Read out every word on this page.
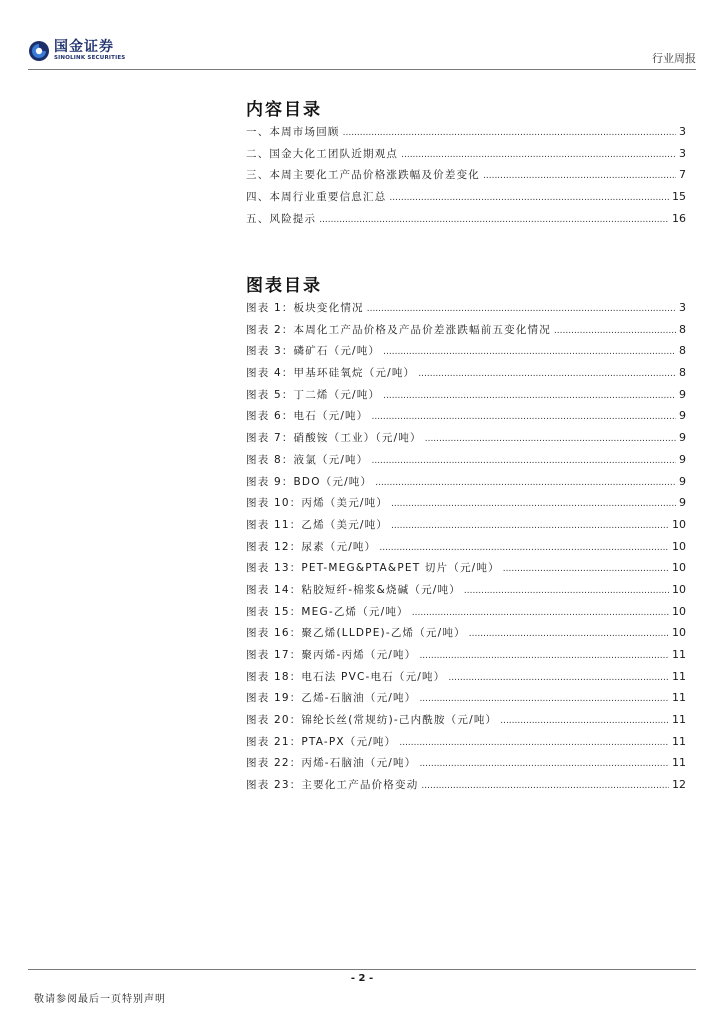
国金证券
SINOLINK SECURITIES	行业周报
内容目录
一、本周市场回顾 .....	3
二、国金大化工团队近期观点 .....	3
三、本周主要化工产品价格涨跌幅及价差变化 .....	7
四、本周行业重要信息汇总 .....	15
五、风险提示 .....	16
图表目录
图表 1：板块变化情况 .....	3
图表 2：本周化工产品价格及产品价差涨跌幅前五变化情况 .....	8
图表 3：磷矿石（元/吨） .....	8
图表 4：甲基环硅氧烷（元/吨） .....	8
图表 5：丁二烯（元/吨） .....	9
图表 6：电石（元/吨） .....	9
图表 7：硝酸铵（工业）（元/吨） .....	9
图表 8：液氯（元/吨） .....	9
图表 9：BDO（元/吨） .....	9
图表 10：丙烯（美元/吨） .....	9
图表 11：乙烯（美元/吨） .....	10
图表 12：尿素（元/吨） .....	10
图表 13：PET-MEG&PTA&PET 切片（元/吨） .....	10
图表 14：粘胶短纤-棉浆&烧碱（元/吨） .....	10
图表 15：MEG-乙烯（元/吨） .....	10
图表 16：聚乙烯(LLDPE)-乙烯（元/吨） .....	10
图表 17：聚丙烯-丙烯（元/吨） .....	11
图表 18：电石法 PVC-电石（元/吨） .....	11
图表 19：乙烯-石脑油（元/吨） .....	11
图表 20：锦纶长丝(常规纺)-己内酰胺（元/吨） .....	11
图表 21：PTA-PX（元/吨） .....	11
图表 22：丙烯-石脑油（元/吨） .....	11
图表 23：主要化工产品价格变动 .....	12
- 2 -
敬请参阅最后一页特别声明
